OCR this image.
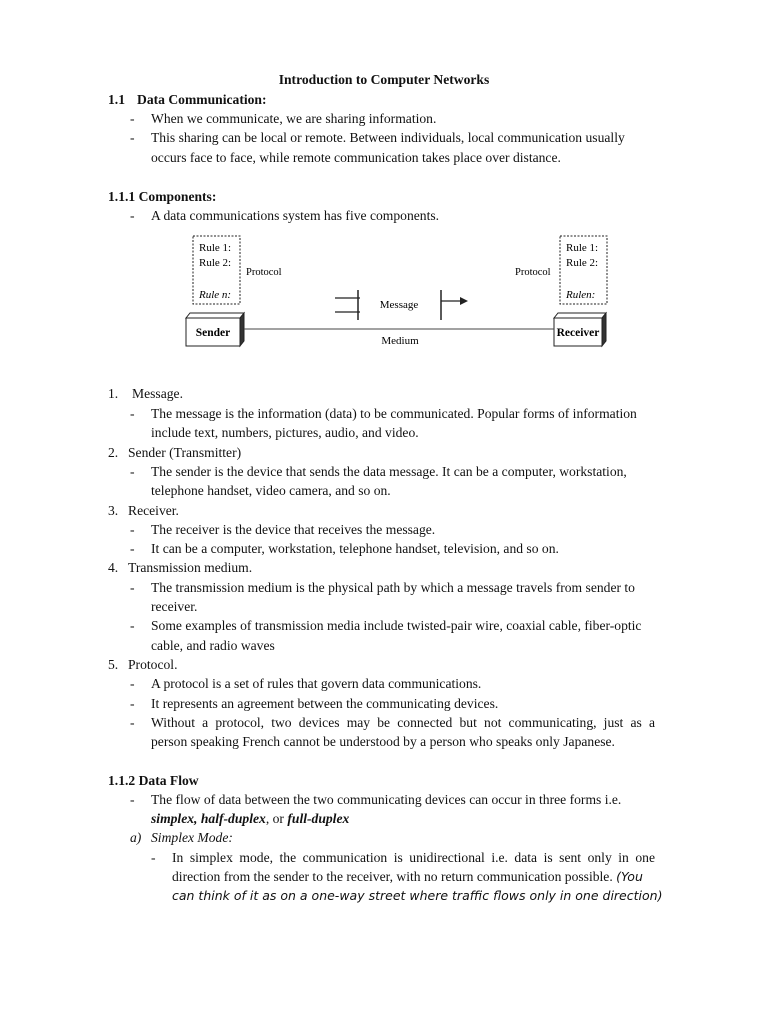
Introduction to Computer Networks
1.1 Data Communication:
- When we communicate, we are sharing information.
- This sharing can be local or remote. Between individuals, local communication usually
occurs face to face, while remote communication takes place over distance.
1.1.1 Components:
- A data communications system has five components.
Rule 1:
Rule 2:
Rule n:
Protocol
Rule 1:
Rule 2:
Rulen:
Protocol
Sender	Receiver
Medium
Message
1. Message.
- The message is the information (data) to be communicated. Popular forms of information
include text, numbers, pictures, audio, and video.
2. Sender (Transmitter)
- The sender is the device that sends the data message. It can be a computer, workstation,
telephone handset, video camera, and so on.
3. Receiver.
- The receiver is the device that receives the message.
- It can be a computer, workstation, telephone handset, television, and so on.
4. Transmission medium.
- The transmission medium is the physical path by which a message travels from sender to
receiver.
- Some examples of transmission media include twisted-pair wire, coaxial cable, fiber-optic
cable, and radio waves
5. Protocol.
- A protocol is a set of rules that govern data communications.
- It represents an agreement between the communicating devices.
- Without a protocol, two devices may be connected but not communicating, just as a
person speaking French cannot be understood by a person who speaks only Japanese.
1.1.2 Data Flow
- The flow of data between the two communicating devices can occur in three forms i.e.
simplex, half-duplex, or full-duplex
a) Simplex Mode:
- In simplex mode, the communication is unidirectional i.e. data is sent only in one
direction from the sender to the receiver, with no return communication possible. (You
can think of it as on a one-way street where traffic flows only in one direction)
